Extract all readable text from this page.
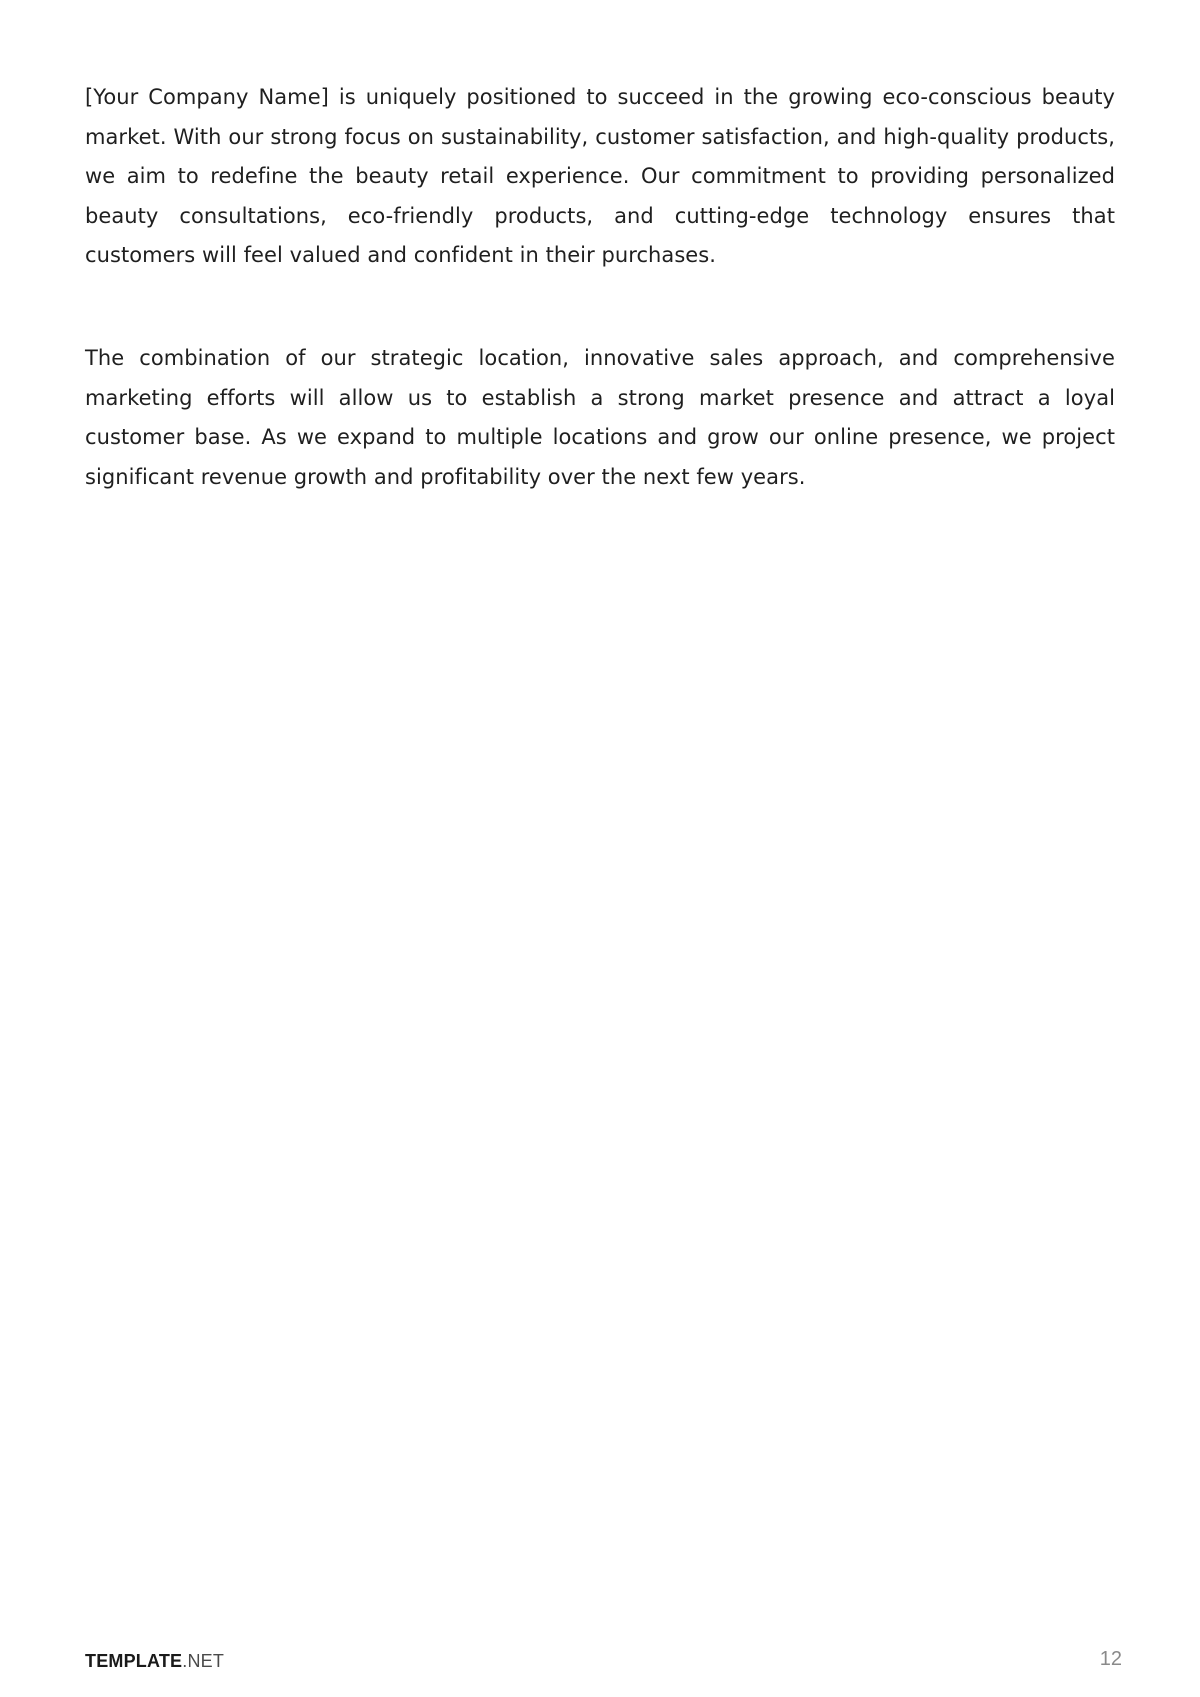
[Your Company Name] is uniquely positioned to succeed in the growing eco-conscious beauty market. With our strong focus on sustainability, customer satisfaction, and high-quality products, we aim to redefine the beauty retail experience. Our commitment to providing personalized beauty consultations, eco-friendly products, and cutting-edge technology ensures that customers will feel valued and confident in their purchases.

The combination of our strategic location, innovative sales approach, and comprehensive marketing efforts will allow us to establish a strong market presence and attract a loyal customer base. As we expand to multiple locations and grow our online presence, we project significant revenue growth and profitability over the next few years.

TEMPLATE.NET	12
